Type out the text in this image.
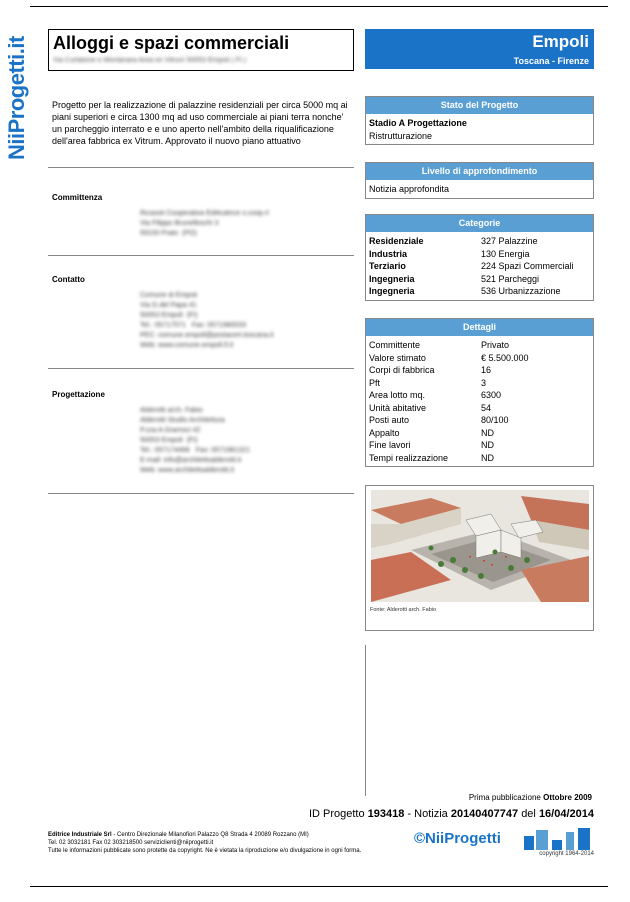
NiiProgetti.it Alloggi e spazi commerciali
Via Curtatone e Montanara Area ex Vitrum 50053 Empoli ( FI )
Empoli
Toscana - Firenze
Progetto per la realizzazione di palazzine residenziali per circa 5000 mq ai piani superiori e circa 1300 mq ad uso commerciale ai piani terra nonche' un parcheggio interrato e e uno aperto nell'ambito della riqualificazione dell'area fabbrica ex Vitrum. Approvato il nuovo piano attuativo
Committenza
Ricasoli Cooperativa Edificatrice s.coop.rl
Via Filippo Brunelleschi 3
59100 Prato  (PO)
Contatto
Comune di Empoli
Via G.del Papa 41
50053 Empoli  (FI)
Tel.: 05717571   Fax: 0571980033
PEC: comune.empoli@postacert.toscana.it
Web: www.comune.empoli.fi.it
Progettazione
Alderotti arch. Fabio
Alderotti Studio Architettura
P.zza A.Gramsci 42
50053 Empoli  (FI)
Tel.: 057174466   Fax: 0571981321
E-mail: info@architettoalderotti.it
Web: www.architettoalderotti.it
Stato del Progetto
Stadio A Progettazione
Ristrutturazione
Livello di approfondimento
Notizia approfondita
Categorie
Residenziale	327 Palazzine
Industria	130 Energia
Terziario	224 Spazi Commerciali
Ingegneria	521 Parcheggi
Ingegneria	536 Urbanizzazione
Dettagli
Committente	Privato
Valore stimato	€ 5.500.000
Corpi di fabbrica	16
Pft	3
Area lotto mq.	6300
Unità abitative	54
Posti auto	80/100
Appalto	ND
Fine lavori	ND
Tempi realizzazione	ND
Fonte: Alderotti arch. Fabio
Prima pubblicazione Ottobre 2009
ID Progetto 193418 - Notizia 20140407747 del 16/04/2014
Editrice Industriale Srl - Centro Direzionale Milanofiori Palazzo Q8 Strada 4 20089 Rozzano (MI)
Tel. 02 3032181 Fax 02 303218500 serviziclienti@niiprogetti.it
Tutte le informazioni pubblicate sono protette da copyright. Ne è vietata la riproduzione e/o divulgazione in ogni forma.
©NiiProgetti
copyright 1964-2014
